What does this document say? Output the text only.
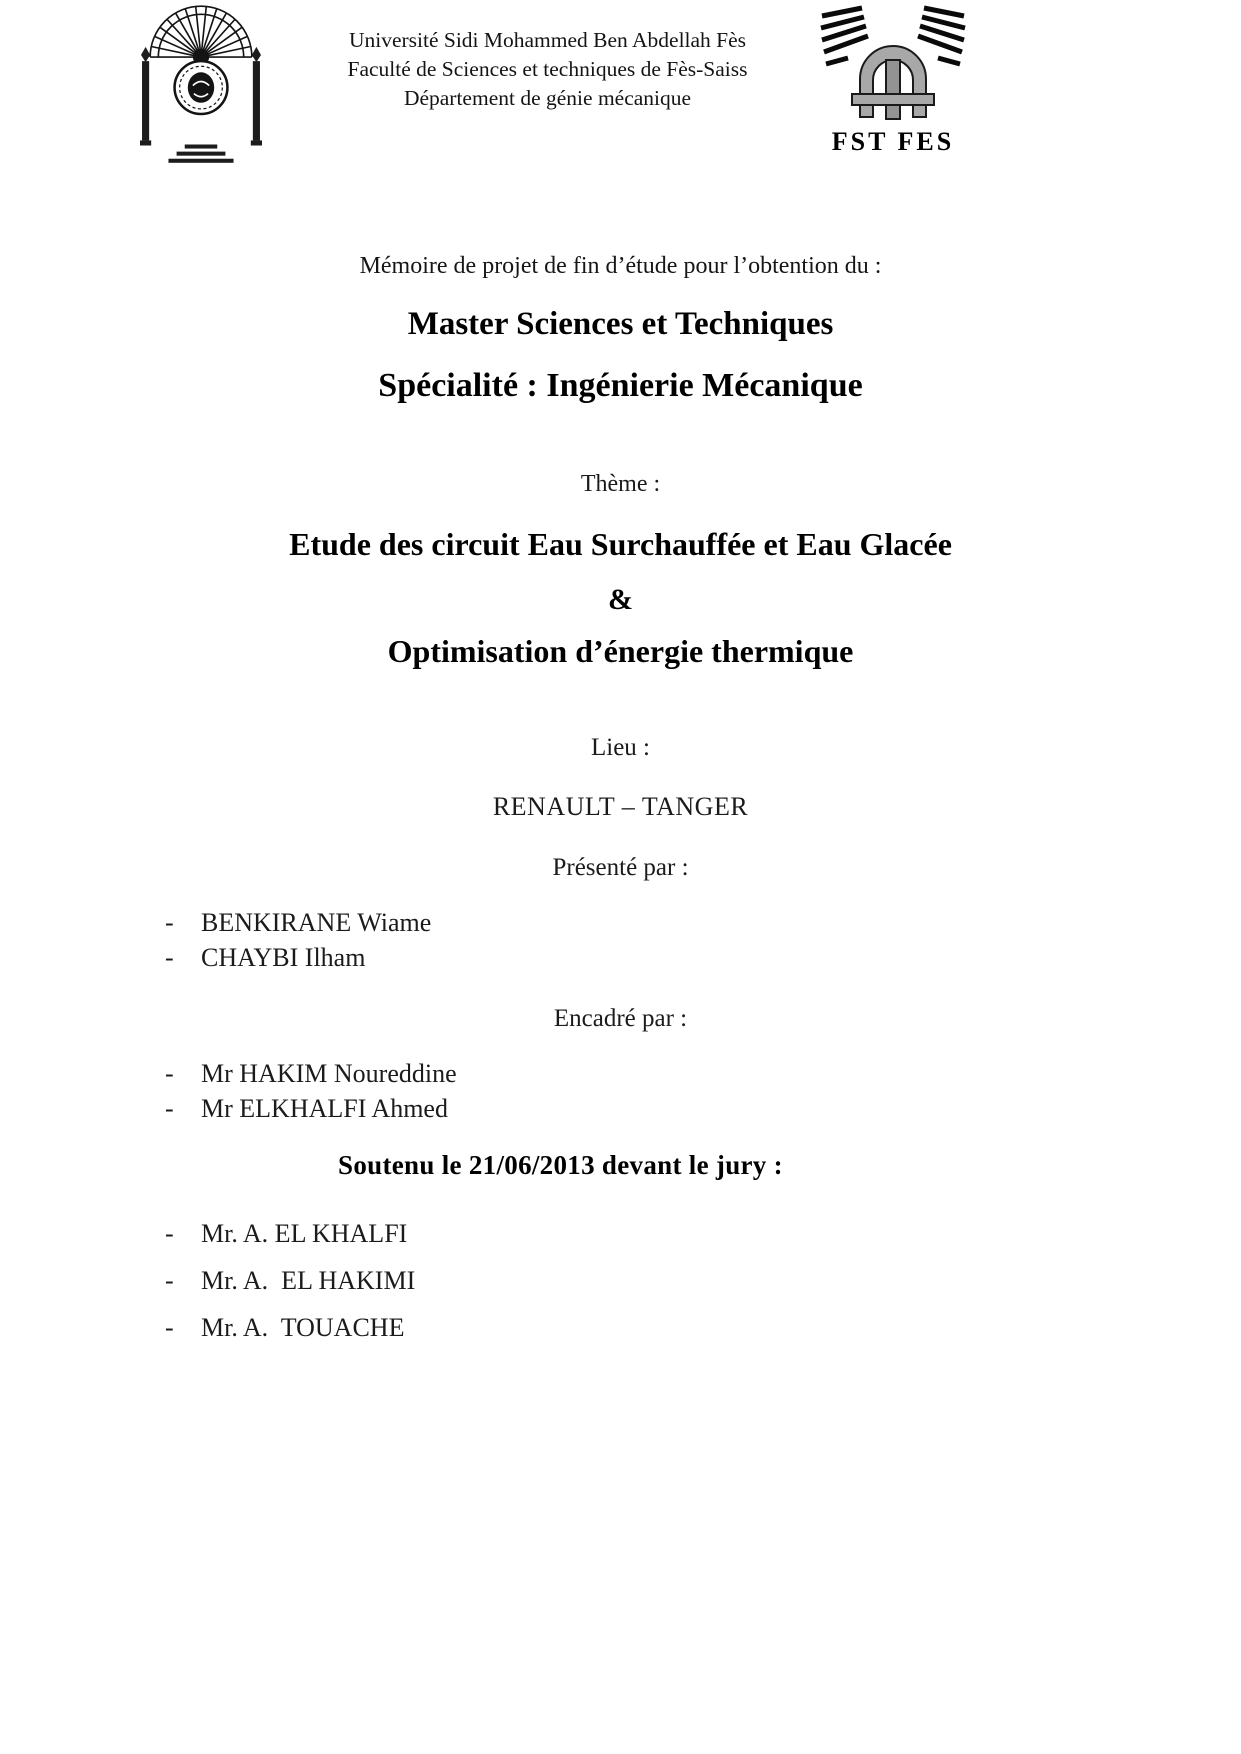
Université Sidi Mohammed Ben Abdellah Fès
Faculté de Sciences et techniques de Fès-Saiss
Département de génie mécanique
FST FES
Mémoire de projet de fin d’étude pour l’obtention du :
Master Sciences et Techniques
Spécialité : Ingénierie Mécanique
Thème :
Etude des circuit Eau Surchauffée et Eau Glacée
&
Optimisation d’énergie thermique
Lieu :
RENAULT – TANGER
Présenté par :
- BENKIRANE Wiame
- CHAYBI Ilham
Encadré par :
- Mr HAKIM Noureddine
- Mr ELKHALFI Ahmed
Soutenu le 21/06/2013 devant le jury :
- Mr. A. EL KHALFI
- Mr. A.  EL HAKIMI
- Mr. A.  TOUACHE
